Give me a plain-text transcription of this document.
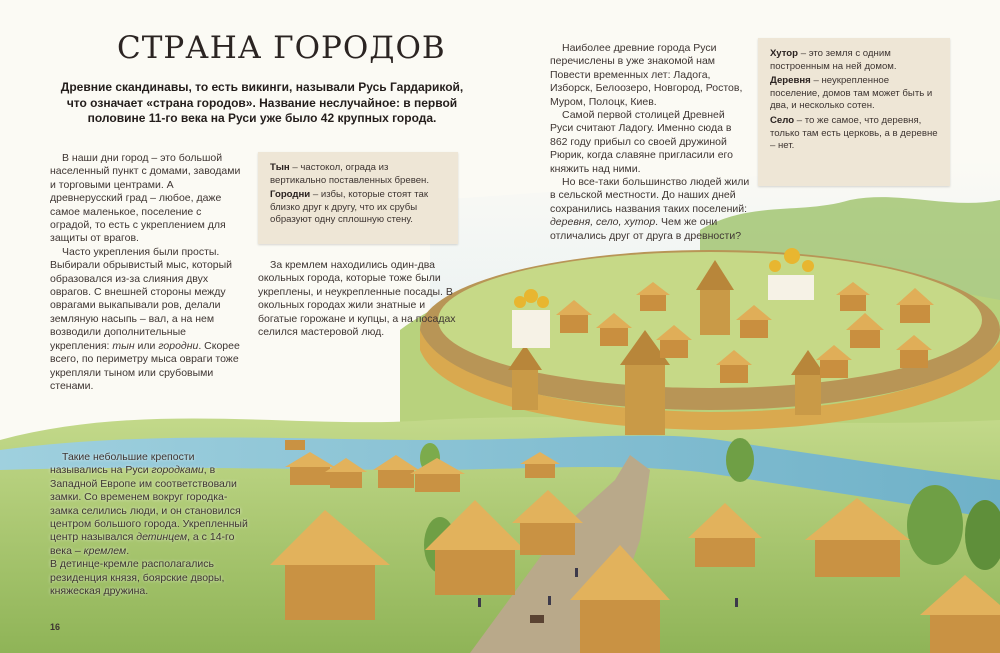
Тын – частокол, ограда из вертикально поставленных бревен.

Городни – избы, которые стоят так близко друг к другу, что их срубы образуют одну сплошную стену.

Хутор – это земля с одним построенным на ней домом.

Деревня – неукрепленное поселение, домов там может быть и два, и несколько сотен.

Село – то же самое, что деревня, только там есть церковь, а в деревне – нет.

СТРАНА ГОРОДОВ

Древние скандинавы, то есть викинги, называли Русь Гардарикой, что означает «страна городов». Название неслучайное: в первой половине 11-го века на Руси уже было 42 крупных города.

В наши дни город – это большой населенный пункт с домами, заводами и торговыми центрами. А древнерусский град – любое, даже самое маленькое, поселение с оградой, то есть с укреплением для защиты от врагов.

Часто укрепления были просты. Выбирали обрывистый мыс, который образовался из-за слияния двух оврагов. С внешней стороны между оврагами выкапывали ров, делали земляную насыпь – вал, а на нем возводили дополнительные укрепления: тын или городни. Скорее всего, по периметру мыса овраги тоже укрепляли тыном или срубовыми стенами.

За кремлем находились один-два окольных города, которые тоже были укреплены, и неукрепленные посады. В окольных городах жили знатные и богатые горожане и купцы, а на посадах селился мастеровой люд.

Наиболее древние города Руси перечислены в уже знакомой нам Повести временных лет: Ладога, Изборск, Белоозеро, Новгород, Ростов, Муром, Полоцк, Киев.

Самой первой столицей Древней Руси считают Ладогу. Именно сюда в 862 году прибыл со своей дружиной Рюрик, когда славяне пригласили его княжить над ними.

Но все-таки большинство людей жили в сельской местности. До наших дней сохранились названия таких поселений: деревня, село, хутор. Чем же они отличались друг от друга в древности?

Такие небольшие крепости назывались на Руси городками, в Западной Европе им соответствовали замки. Со временем вокруг городка-замка селились люди, и он становился центром большого города. Укрепленный центр назывался детинцем, а с 14-го века – кремлем.

В детинце-кремле располагались резиденция князя, боярские дворы, княжеская дружина.

16
